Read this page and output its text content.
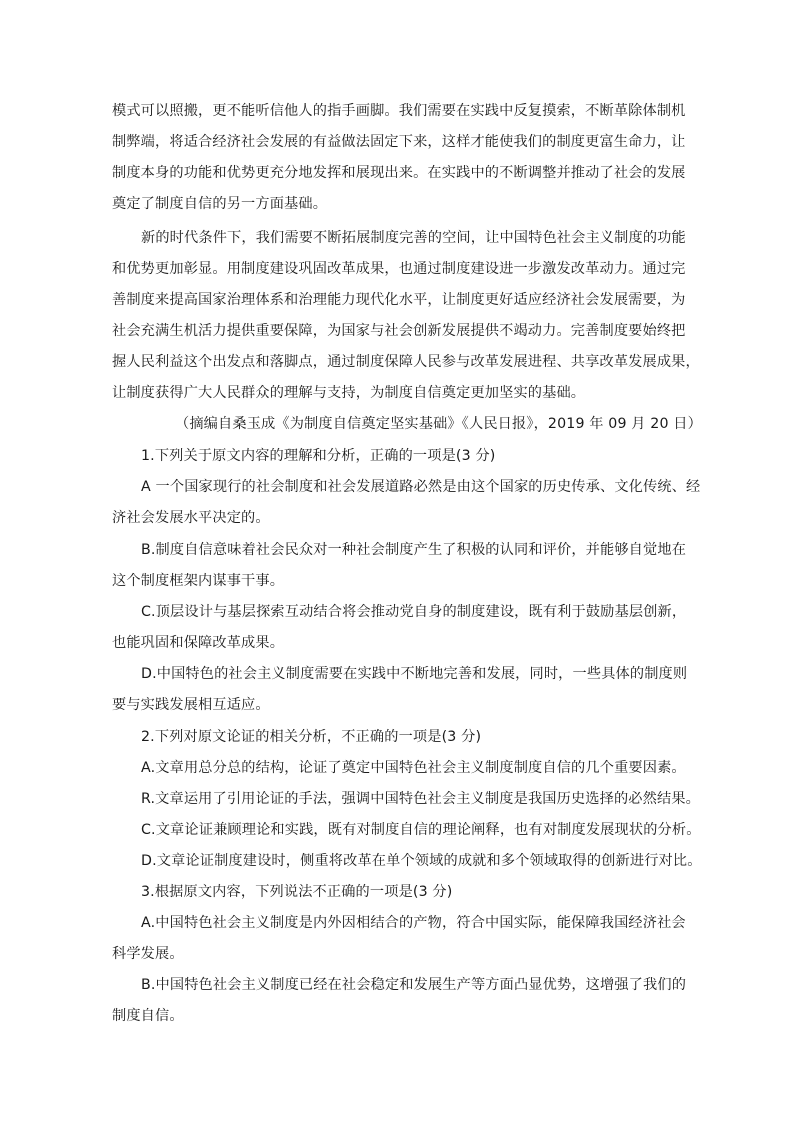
模式可以照搬，更不能听信他人的指手画脚。我们需要在实践中反复摸索，不断革除体制机
制弊端，将适合经济社会发展的有益做法固定下来，这样才能使我们的制度更富生命力，让
制度本身的功能和优势更充分地发挥和展现出来。在实践中的不断调整并推动了社会的发展
奠定了制度自信的另一方面基础。
新的时代条件下，我们需要不断拓展制度完善的空间，让中国特色社会主义制度的功能
和优势更加彰显。用制度建设巩固改革成果，也通过制度建设进一步激发改革动力。通过完
善制度来提高国家治理体系和治理能力现代化水平，让制度更好适应经济社会发展需要，为
社会充满生机活力提供重要保障，为国家与社会创新发展提供不竭动力。完善制度要始终把
握人民利益这个出发点和落脚点，通过制度保障人民参与改革发展进程、共享改革发展成果，
让制度获得广大人民群众的理解与支持，为制度自信奠定更加坚实的基础。
（摘编自桑玉成《为制度自信奠定坚实基础》《人民日报》，2019 年 09 月 20 日）
1.下列关于原文内容的理解和分析，正确的一项是(3 分)
A 一个国家现行的社会制度和社会发展道路必然是由这个国家的历史传承、文化传统、经
济社会发展水平决定的。
B.制度自信意味着社会民众对一种社会制度产生了积极的认同和评价，并能够自觉地在
这个制度框架内谋事干事。
C.顶层设计与基层探索互动结合将会推动党自身的制度建设，既有利于鼓励基层创新，
也能巩固和保障改革成果。
D.中国特色的社会主义制度需要在实践中不断地完善和发展，同时，一些具体的制度则
要与实践发展相互适应。
2.下列对原文论证的相关分析，不正确的一项是(3 分)
A.文章用总分总的结构，论证了奠定中国特色社会主义制度制度自信的几个重要因素。
R.文章运用了引用论证的手法，强调中国特色社会主义制度是我国历史选择的必然结果。
C.文章论证兼顾理论和实践，既有对制度自信的理论阐释，也有对制度发展现状的分析。
D.文章论证制度建设时，侧重将改革在单个领域的成就和多个领域取得的创新进行对比。
3.根据原文内容，下列说法不正确的一项是(3 分)
A.中国特色社会主义制度是内外因相结合的产物，符合中国实际，能保障我国经济社会
科学发展。
B.中国特色社会主义制度已经在社会稳定和发展生产等方面凸显优势，这增强了我们的
制度自信。
